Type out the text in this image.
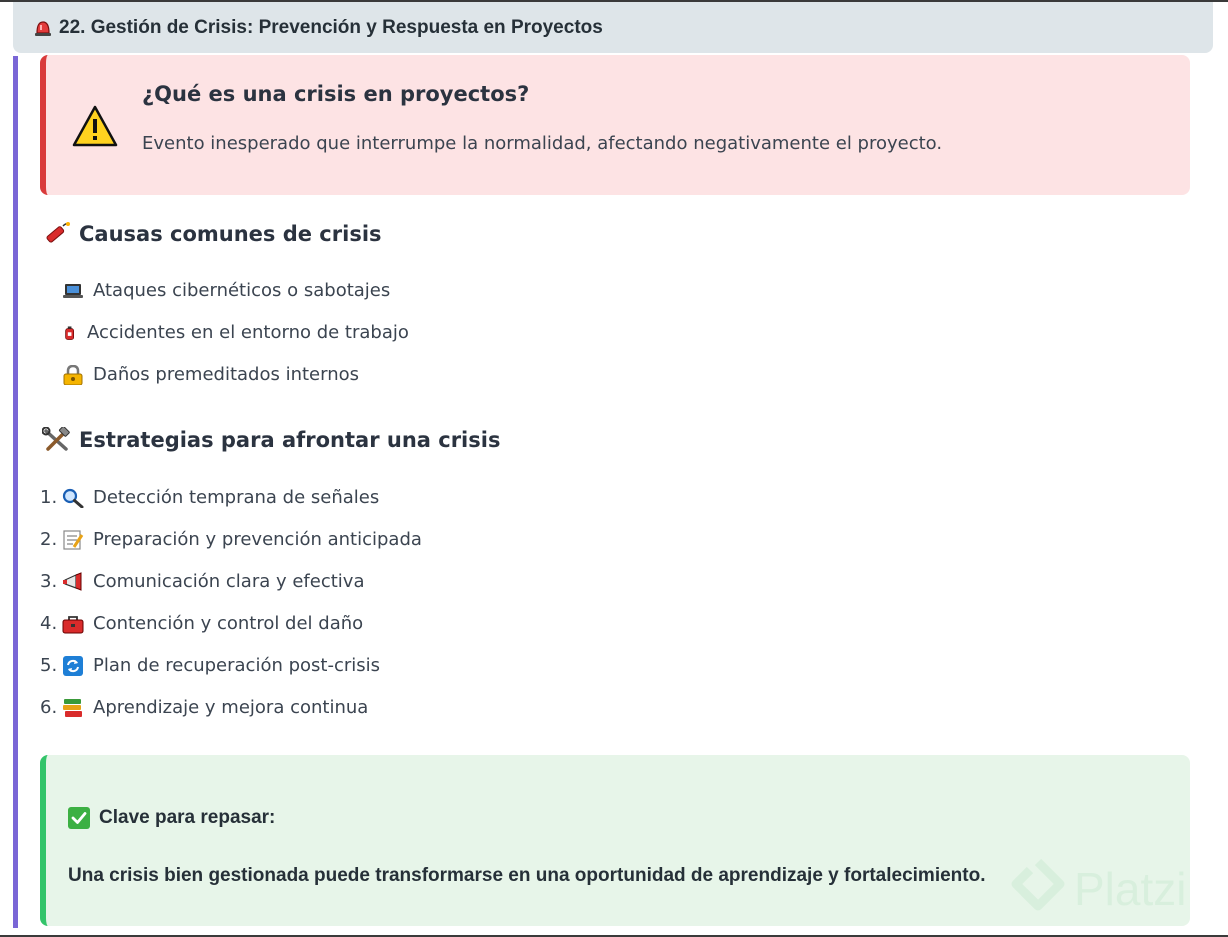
22. Gestión de Crisis: Prevención y Respuesta en Proyectos
¿Qué es una crisis en proyectos?

Evento inesperado que interrumpe la normalidad, afectando negativamente el proyecto.

Causas comunes de crisis
Ataques cibernéticos o sabotajes
Accidentes en el entorno de trabajo
Daños premeditados internos
Estrategias para afrontar una crisis
1. Detección temprana de señales
2. Preparación y prevención anticipada
3. Comunicación clara y efectiva
4. Contención y control del daño
5. Plan de recuperación post-crisis
6. Aprendizaje y mejora continua
Clave para repasar:

Una crisis bien gestionada puede transformarse en una oportunidad de aprendizaje y fortalecimiento. Platzi
